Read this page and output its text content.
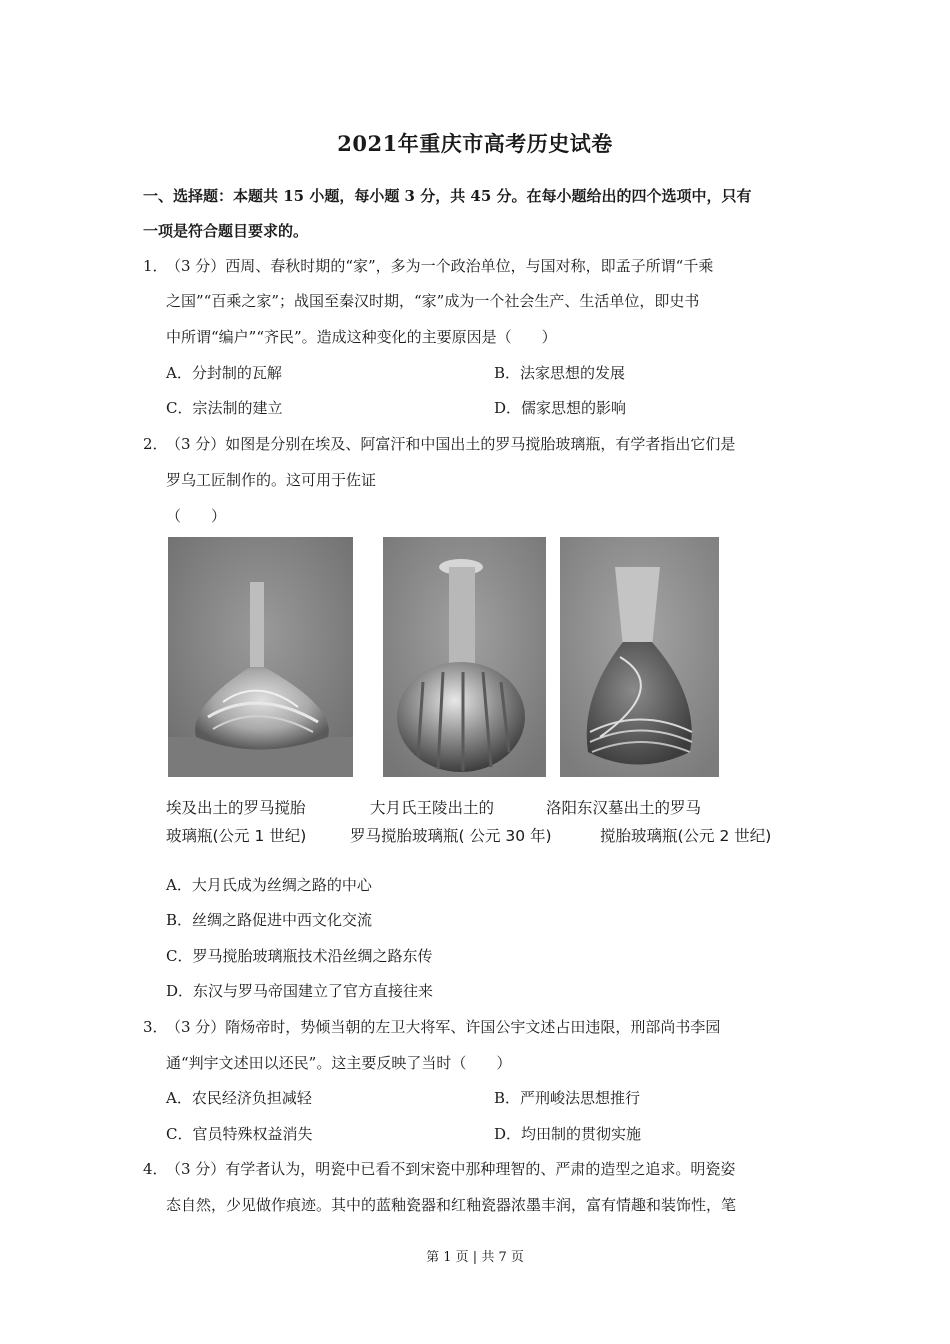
2021年重庆市高考历史试卷
一、选择题：本题共 15 小题，每小题 3 分，共 45 分。在每小题给出的四个选项中，只有
一项是符合题目要求的。
1．
（3 分）西周、春秋时期的“家”，多为一个政治单位，与国对称，即孟子所谓“千乘
之国”“百乘之家”；战国至秦汉时期，“家”成为一个社会生产、生活单位，即史书
中所谓“编户”“齐民”。造成这种变化的主要原因是（　　）
A．分封制的瓦解	B．法家思想的发展
C．宗法制的建立	D．儒家思想的影响
2．
（3 分）如图是分别在埃及、阿富汗和中国出土的罗马搅胎玻璃瓶，有学者指出它们是
罗乌工匠制作的。这可用于佐证
（　　）
埃及出土的罗马搅胎
玻璃瓶(公元 1 世纪)
大月氏王陵出土的
罗马搅胎玻璃瓶( 公元 30 年)
洛阳东汉墓出土的罗马
搅胎玻璃瓶(公元 2 世纪)
A．大月氏成为丝绸之路的中心
B．丝绸之路促进中西文化交流
C．罗马搅胎玻璃瓶技术沿丝绸之路东传
D．东汉与罗马帝国建立了官方直接往来
3．
（3 分）隋炀帝时，势倾当朝的左卫大将军、许国公宇文述占田违限，刑部尚书李园
通“判宇文述田以还民”。这主要反映了当时（　　）
A．农民经济负担减轻	B．严刑峻法思想推行
C．官员特殊权益消失	D．均田制的贯彻实施
4．
（3 分）有学者认为，明瓷中已看不到宋瓷中那种理智的、严肃的造型之追求。明瓷姿
态自然，少见做作痕迹。其中的蓝釉瓷器和红釉瓷器浓墨丰润，富有情趣和装饰性，笔
第 1 页 | 共 7 页
